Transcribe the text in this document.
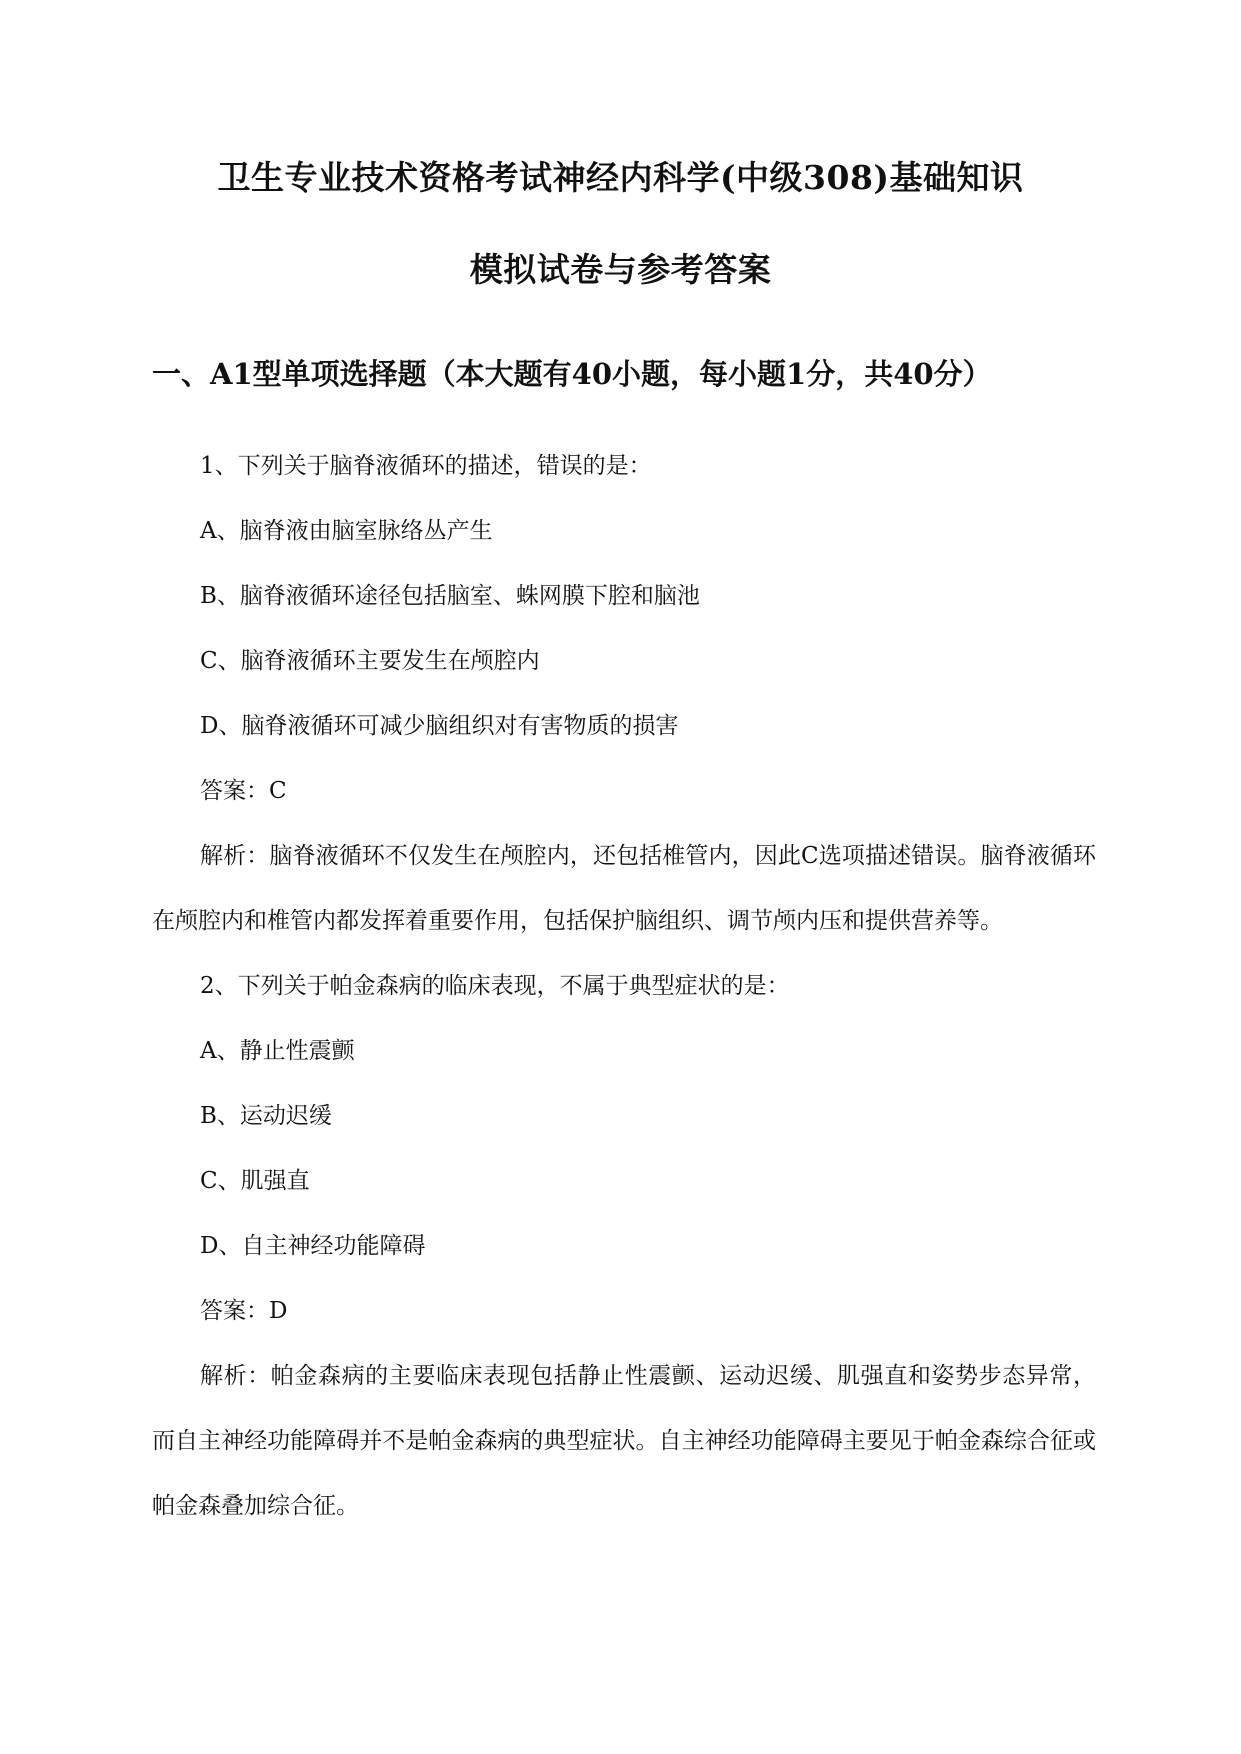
卫生专业技术资格考试神经内科学(中级308)基础知识
模拟试卷与参考答案
一、A1型单项选择题（本大题有40小题，每小题1分，共40分）
1、下列关于脑脊液循环的描述，错误的是：
A、脑脊液由脑室脉络丛产生
B、脑脊液循环途径包括脑室、蛛网膜下腔和脑池
C、脑脊液循环主要发生在颅腔内
D、脑脊液循环可减少脑组织对有害物质的损害
答案：C

解析：脑脊液循环不仅发生在颅腔内，还包括椎管内，因此C选项描述错误。脑脊液循环在颅腔内和椎管内都发挥着重要作用，包括保护脑组织、调节颅内压和提供营养等。

2、下列关于帕金森病的临床表现，不属于典型症状的是：
A、静止性震颤
B、运动迟缓
C、肌强直
D、自主神经功能障碍
答案：D

解析：帕金森病的主要临床表现包括静止性震颤、运动迟缓、肌强直和姿势步态异常，而自主神经功能障碍并不是帕金森病的典型症状。自主神经功能障碍主要见于帕金森综合征或帕金森叠加综合征。
